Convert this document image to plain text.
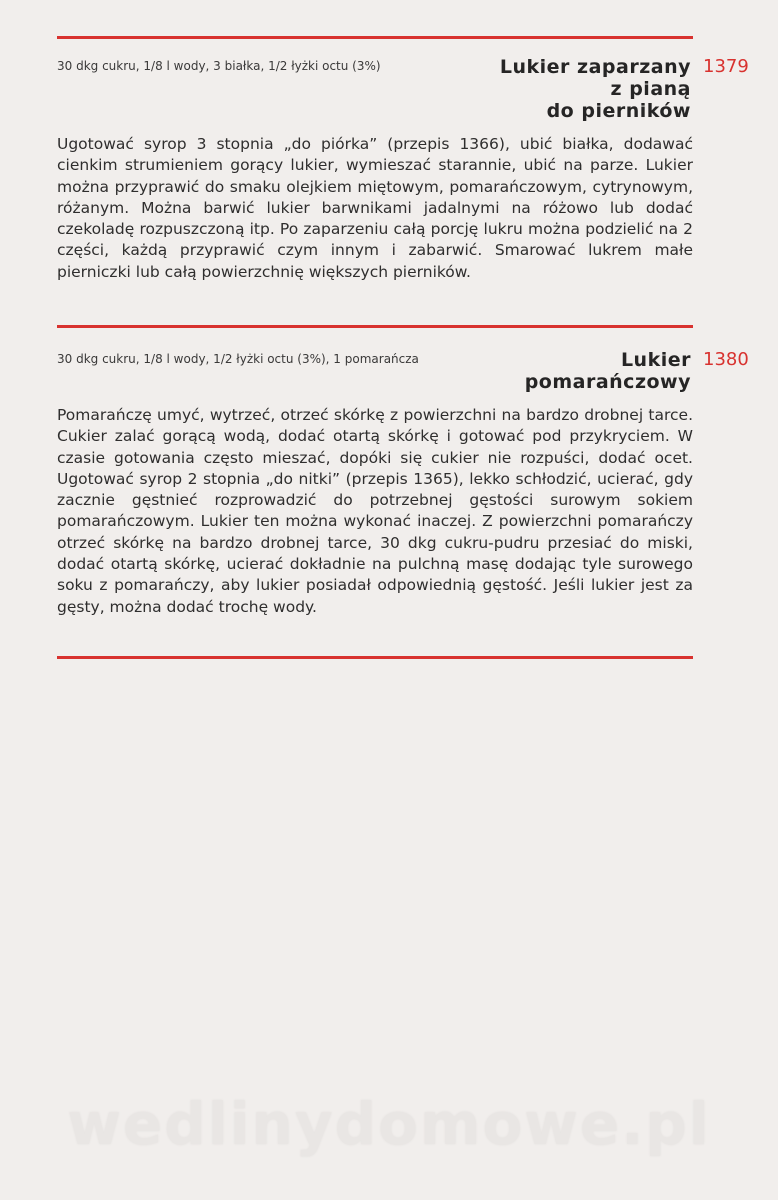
30 dkg cukru, 1/8 l wody, 3 białka, 1/2 łyżki octu (3%)	Lukier zaparzany
z pianą
do pierników
1379

Ugotować syrop 3 stopnia „do piórka” (przepis 1366), ubić białka, dodawać cienkim strumieniem gorący lukier, wymieszać starannie, ubić na parze. Lukier można przyprawić do smaku olejkiem miętowym, pomarańczowym, cytrynowym, różanym. Można barwić lukier barwnikami jadalnymi na różowo lub dodać czekoladę rozpuszczoną itp. Po zaparzeniu całą porcję lukru można podzielić na 2 części, każdą przyprawić czym innym i zabarwić. Smarować lukrem małe pierniczki lub całą powierzchnię większych pierników.

30 dkg cukru, 1/8 l wody, 1/2 łyżki octu (3%), 1 pomarańcza	Lukier
pomarańczowy
1380

Pomarańczę umyć, wytrzeć, otrzeć skórkę z powierzchni na bardzo drobnej tarce. Cukier zalać gorącą wodą, dodać otartą skórkę i gotować pod przykryciem. W czasie gotowania często mieszać, dopóki się cukier nie rozpuści, dodać ocet. Ugotować syrop 2 stopnia „do nitki” (przepis 1365), lekko schłodzić, ucierać, gdy zacznie gęstnieć rozprowadzić do potrzebnej gęstości surowym sokiem pomarańczowym. Lukier ten można wykonać inaczej. Z powierzchni pomarańczy otrzeć skórkę na bardzo drobnej tarce, 30 dkg cukru-pudru przesiać do miski, dodać otartą skórkę, ucierać dokładnie na pulchną masę dodając tyle surowego soku z pomarańczy, aby lukier posiadał odpowiednią gęstość. Jeśli lukier jest za gęsty, można dodać trochę wody.

wedlinydomowe.pl
